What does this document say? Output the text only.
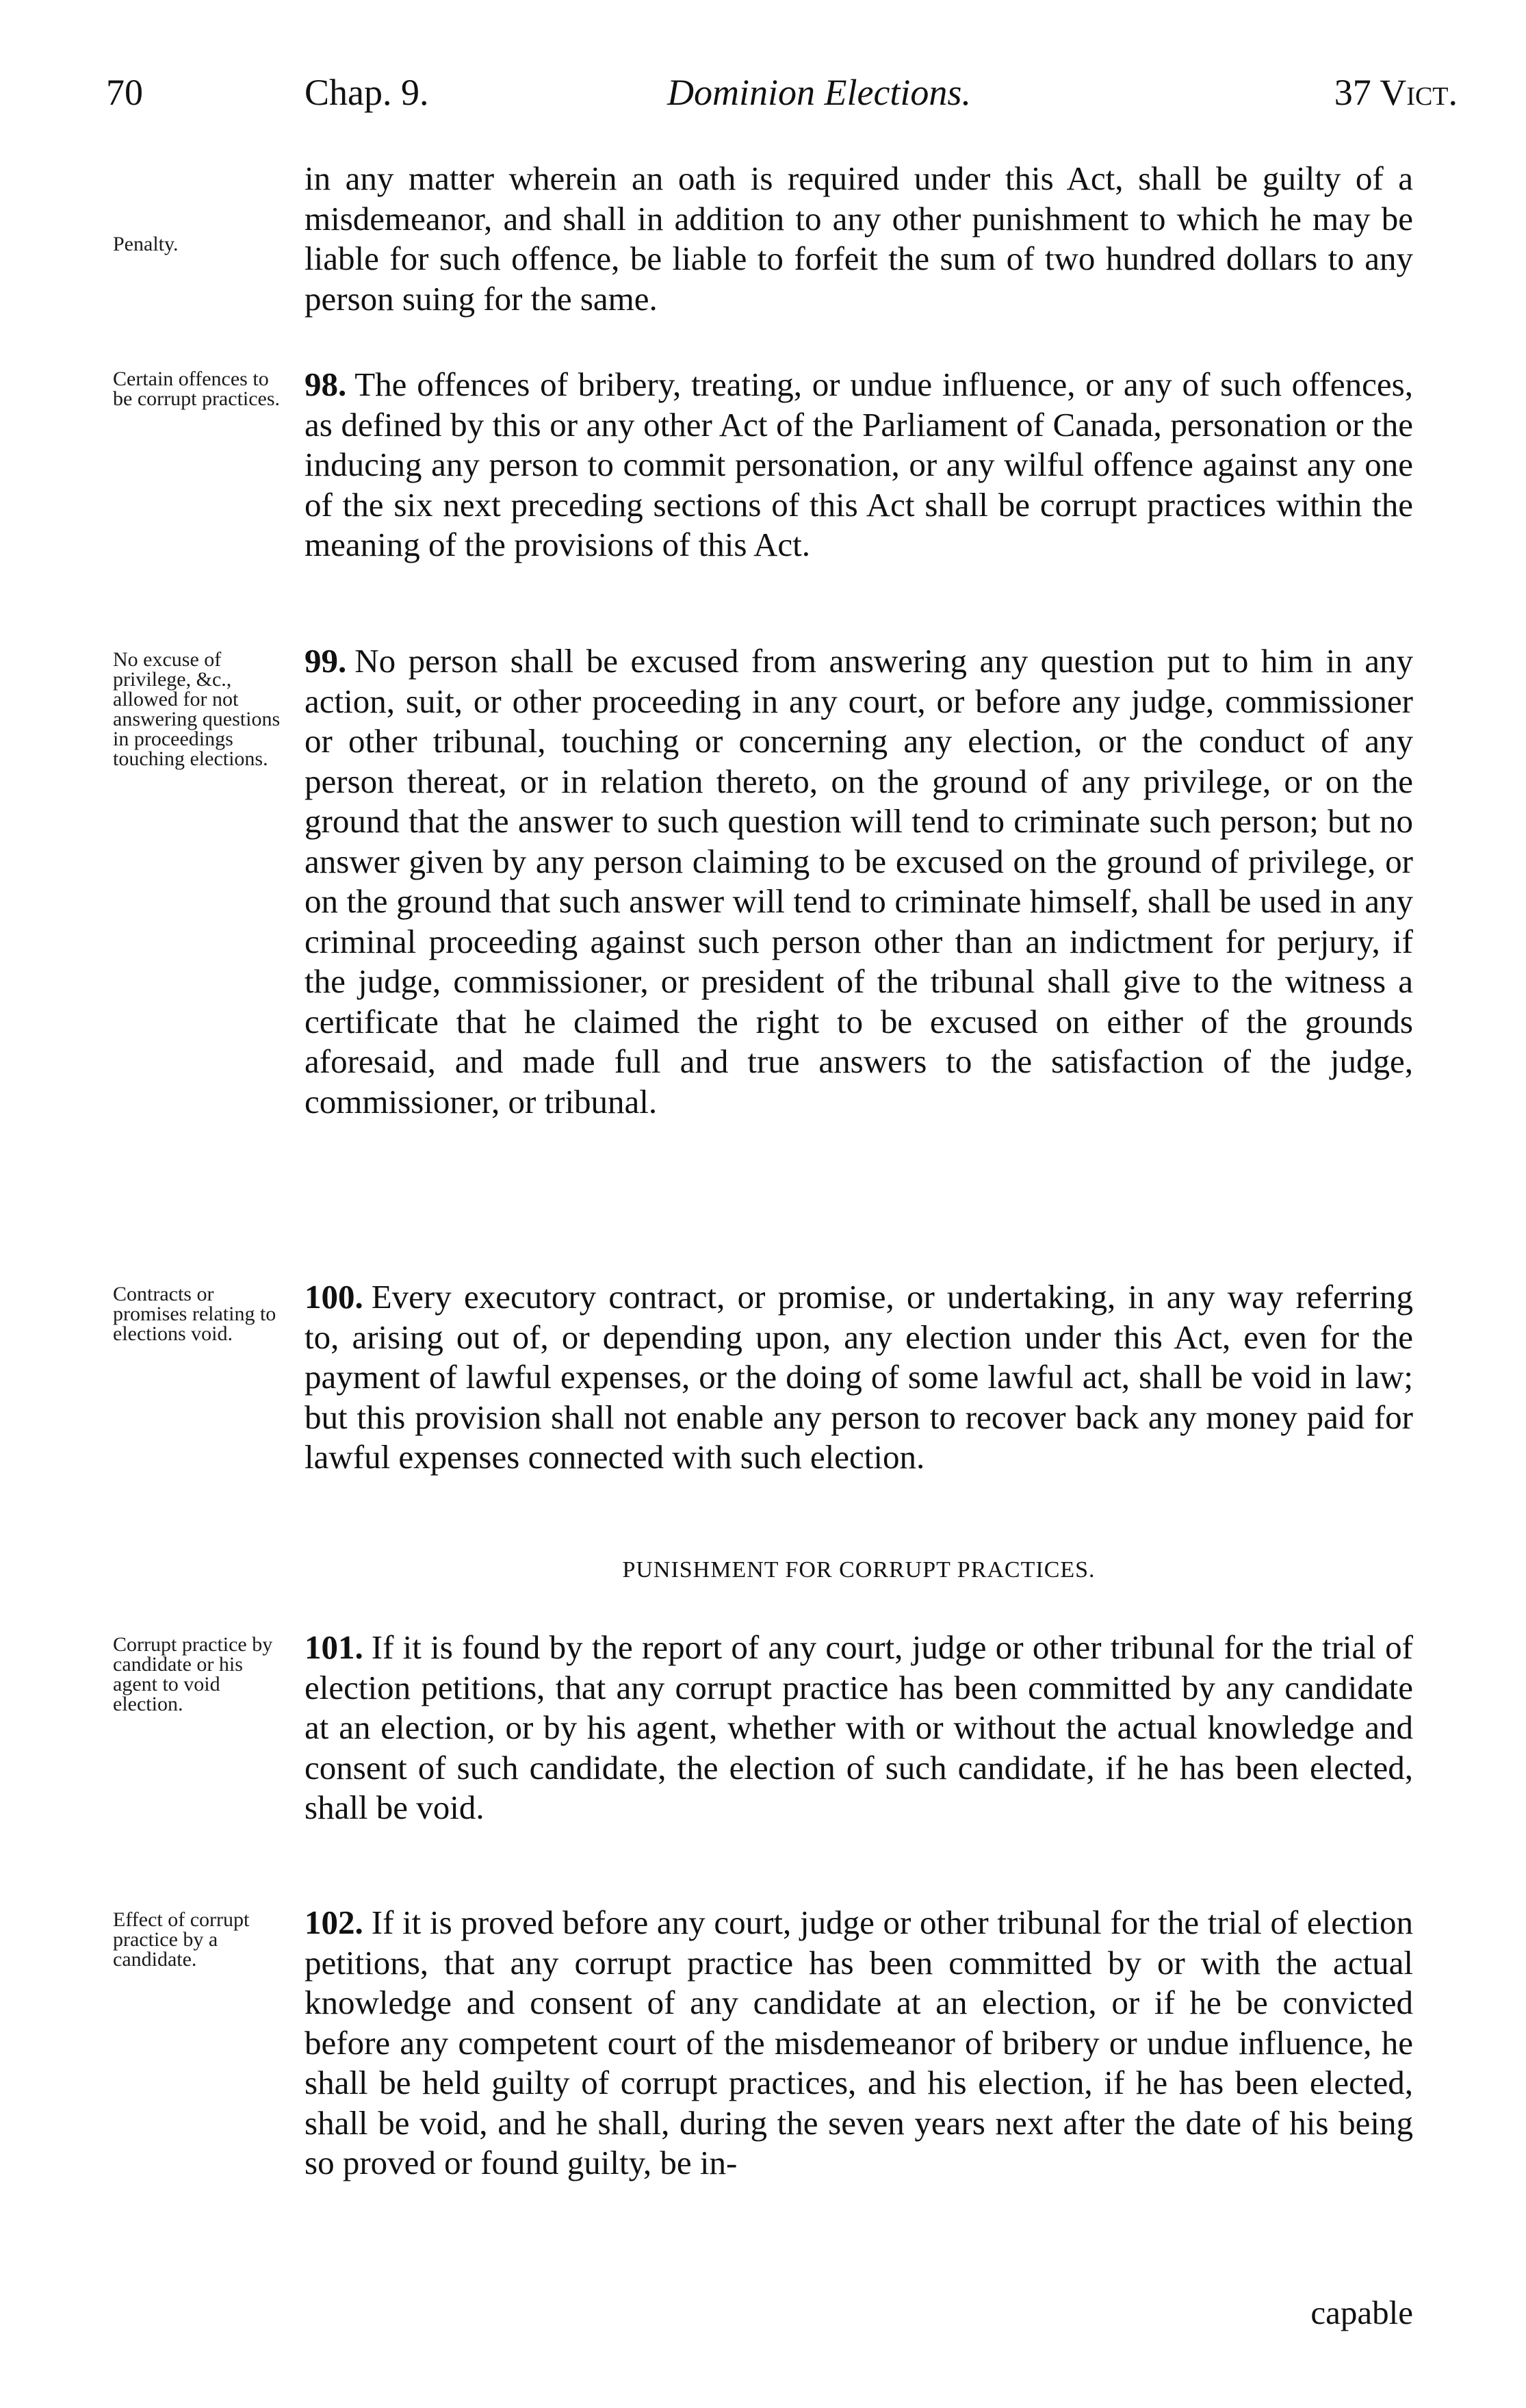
70	Chap. 9.	Dominion Elections.	37 Vict.
Penalty.
in any matter wherein an oath is required under this Act, shall be guilty of a misdemeanor, and shall in addition to any other punishment to which he may be liable for such offence, be liable to forfeit the sum of two hundred dollars to any person suing for the same.
Certain offences to be corrupt practices. 98. The offences of bribery, treating, or undue influence, or any of such offences, as defined by this or any other Act of the Parliament of Canada, personation or the inducing any person to commit personation, or any wilful offence against any one of the six next preceding sections of this Act shall be corrupt practices within the meaning of the provisions of this Act.
No excuse of privilege, &c., allowed for not answering questions in proceedings touching elections.
99. No person shall be excused from answering any question put to him in any action, suit, or other proceeding in any court, or before any judge, commissioner or other tribunal, touching or concerning any election, or the conduct of any person thereat, or in relation thereto, on the ground of any privilege, or on the ground that the answer to such question will tend to criminate such person; but no answer given by any person claiming to be excused on the ground of privilege, or on the ground that such answer will tend to criminate himself, shall be used in any criminal proceeding against such person other than an indictment for perjury, if the judge, commissioner, or president of the tribunal shall give to the witness a certificate that he claimed the right to be excused on either of the grounds aforesaid, and made full and true answers to the satisfaction of the judge, commissioner, or tribunal.
Contracts or promises relating to elections void.
100. Every executory contract, or promise, or undertaking, in any way referring to, arising out of, or depending upon, any election under this Act, even for the payment of lawful expenses, or the doing of some lawful act, shall be void in law; but this provision shall not enable any person to recover back any money paid for lawful expenses connected with such election.
PUNISHMENT FOR CORRUPT PRACTICES.
Corrupt practice by candidate or his agent to void election.
101. If it is found by the report of any court, judge or other tribunal for the trial of election petitions, that any corrupt practice has been committed by any candidate at an election, or by his agent, whether with or without the actual knowledge and consent of such candidate, the election of such candidate, if he has been elected, shall be void.
Effect of corrupt practice by a candidate.
102. If it is proved before any court, judge or other tribunal for the trial of election petitions, that any corrupt practice has been committed by or with the actual knowledge and consent of any candidate at an election, or if he be convicted before any competent court of the misdemeanor of bribery or undue influence, he shall be held guilty of corrupt practices, and his election, if he has been elected, shall be void, and he shall, during the seven years next after the date of his being so proved or found guilty, be in-
capable
